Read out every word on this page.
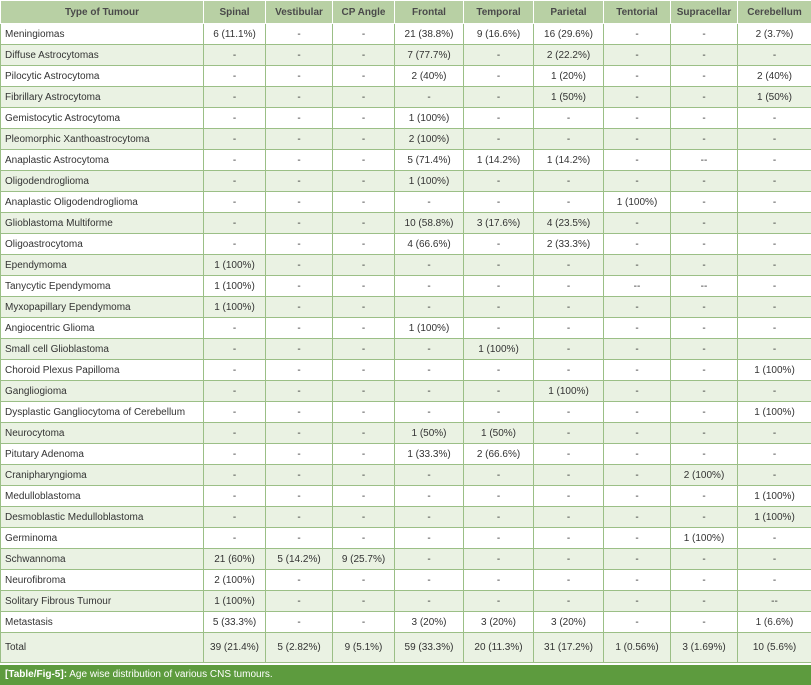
Type of Tumour	Spinal	Vestibular	CP Angle	Frontal	Temporal	Parietal	Tentorial	Supracellar	Cerebellum
Meningiomas	6 (11.1%)	-	-	21 (38.8%)	9 (16.6%)	16 (29.6%)	-	-	2 (3.7%)
Diffuse Astrocytomas	-	-	-	7 (77.7%)	-	2 (22.2%)	-	-	-
Pilocytic Astrocytoma	-	-	-	2 (40%)	-	1 (20%)	-	-	2 (40%)
Fibrillary Astrocytoma	-	-	-	-	-	1 (50%)	-	-	1 (50%)
Gemistocytic Astrocytoma	-	-	-	1 (100%)	-	-	-	-	-
Pleomorphic Xanthoastrocytoma	-	-	-	2 (100%)	-	-	-	-	-
Anaplastic Astrocytoma	-	-	-	5 (71.4%)	1 (14.2%)	1 (14.2%)	-	--	-
Oligodendroglioma	-	-	-	1 (100%)	-	-	-	-	-
Anaplastic Oligodendroglioma	-	-	-	-	-	-	1 (100%)	-	-
Glioblastoma Multiforme	-	-	-	10 (58.8%)	3 (17.6%)	4 (23.5%)	-	-	-
Oligoastrocytoma	-	-	-	4 (66.6%)	-	2 (33.3%)	-	-	-
Ependymoma	1 (100%)	-	-	-	-	-	-	-	-
Tanycytic Ependymoma	1 (100%)	-	-	-	-	-	--	--	-
Myxopapillary Ependymoma	1 (100%)	-	-	-	-	-	-	-	-
Angiocentric Glioma	-	-	-	1 (100%)	-	-	-	-	-
Small cell Glioblastoma	-	-	-	-	1 (100%)	-	-	-	-
Choroid Plexus Papilloma	-	-	-	-	-	-	-	-	1 (100%)
Gangliogioma	-	-	-	-	-	1 (100%)	-	-	-
Dysplastic Gangliocytoma of Cerebellum	-	-	-	-	-	-	-	-	1 (100%)
Neurocytoma	-	-	-	1 (50%)	1 (50%)	-	-	-	-
Pitutary Adenoma	-	-	-	1 (33.3%)	2 (66.6%)	-	-	-	-
Cranipharyngioma	-	-	-	-	-	-	-	2 (100%)	-
Medulloblastoma	-	-	-	-	-	-	-	-	1 (100%)
Desmoblastic Medulloblastoma	-	-	-	-	-	-	-	-	1 (100%)
Germinoma	-	-	-	-	-	-	-	1 (100%)	-
Schwannoma	21 (60%)	5 (14.2%)	9 (25.7%)	-	-	-	-	-	-
Neurofibroma	2 (100%)	-	-	-	-	-	-	-	-
Solitary Fibrous Tumour	1 (100%)	-	-	-	-	-	-	-	--
Metastasis	5 (33.3%)	-	-	3 (20%)	3 (20%)	3 (20%)	-	-	1 (6.6%)
Total	39 (21.4%)	5 (2.82%)	9 (5.1%)	59 (33.3%)	20 (11.3%)	31 (17.2%)	1 (0.56%)	3 (1.69%)	10 (5.6%)
[Table/Fig-5]: Age wise distribution of various CNS tumours.
